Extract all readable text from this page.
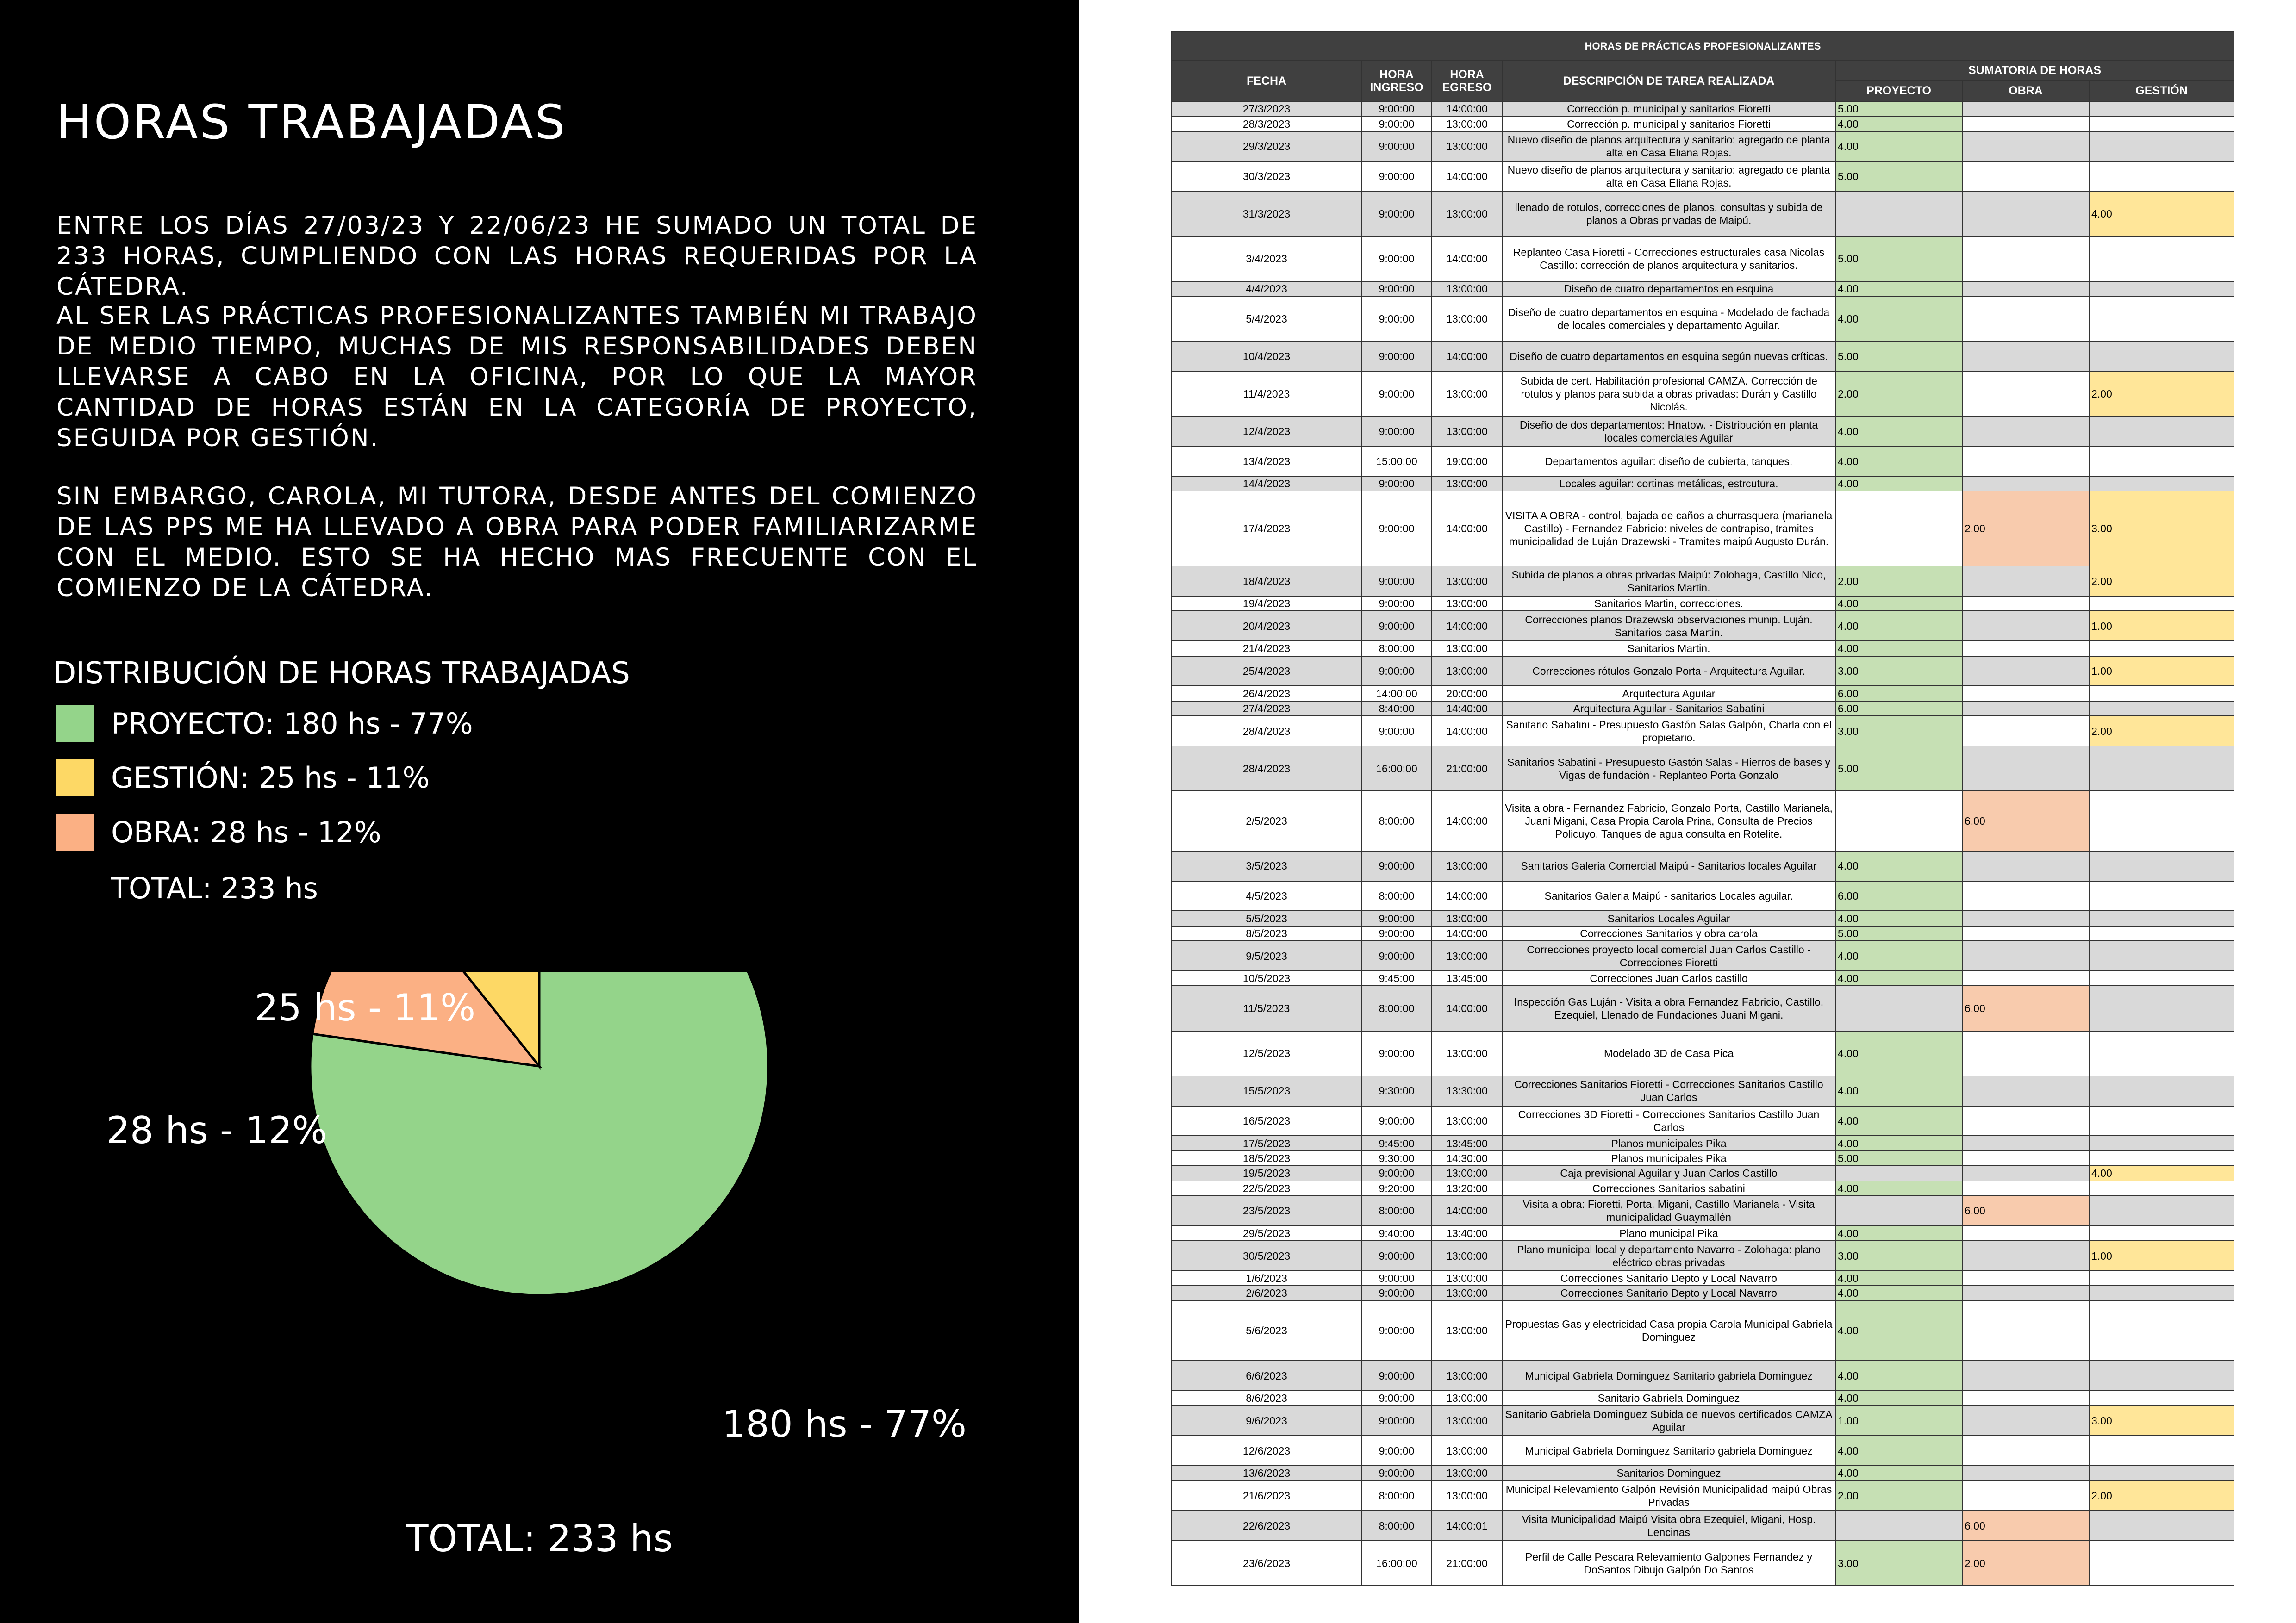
HORAS TRABAJADAS

ENTRE LOS DÍAS 27/03/23 Y 22/06/23 HE SUMADO UN TOTAL DE 233 HORAS, CUMPLIENDO CON LAS HORAS REQUERIDAS POR LA CÁTEDRA.

AL SER LAS PRÁCTICAS PROFESIONALIZANTES TAMBIÉN MI TRABAJO DE MEDIO TIEMPO, MUCHAS DE MIS RESPONSABILIDADES DEBEN LLEVARSE A CABO EN LA OFICINA, POR LO QUE LA MAYOR CANTIDAD DE HORAS ESTÁN EN LA CATEGORÍA DE PROYECTO, SEGUIDA POR GESTIÓN.

SIN EMBARGO, CAROLA, MI TUTORA, DESDE ANTES DEL COMIENZO DE LAS PPS ME HA LLEVADO A OBRA PARA PODER FAMILIARIZARME CON EL MEDIO. ESTO SE HA HECHO MAS FRECUENTE CON EL COMIENZO DE LA CÁTEDRA.

DISTRIBUCIÓN DE HORAS TRABAJADAS
PROYECTO: 180 hs - 77%
GESTIÓN: 25 hs - 11%
OBRA: 28 hs - 12%
TOTAL: 233 hs
180 hs - 77%
28 hs - 12%
25 hs - 11%
TOTAL: 233 hs
HORAS DE PRÁCTICAS PROFESIONALIZANTES						
FECHA	HORA INGRESO	HORA EGRESO	DESCRIPCIÓN DE TAREA REALIZADA	SUMATORIA DE HORAS		
				PROYECTO	OBRA	GESTIÓN
27/3/2023	9:00:00	14:00:00	Corrección p. municipal y sanitarios Fioretti	5.00		
28/3/2023	9:00:00	13:00:00	Corrección p. municipal y sanitarios Fioretti	4.00		
29/3/2023	9:00:00	13:00:00	Nuevo diseño de planos arquitectura y sanitario: agregado de planta alta en Casa Eliana Rojas.	4.00		
30/3/2023	9:00:00	14:00:00	Nuevo diseño de planos arquitectura y sanitario: agregado de planta alta en Casa Eliana Rojas.	5.00		
31/3/2023	9:00:00	13:00:00	llenado de rotulos, correcciones de planos, consultas y subida de planos a Obras privadas de Maipú.			4.00
3/4/2023	9:00:00	14:00:00	Replanteo Casa Fioretti - Correcciones estructurales casa Nicolas Castillo: corrección de planos arquitectura y sanitarios.	5.00		
4/4/2023	9:00:00	13:00:00	Diseño de cuatro departamentos en esquina	4.00		
5/4/2023	9:00:00	13:00:00	Diseño de cuatro departamentos en esquina - Modelado de fachada de locales comerciales y departamento Aguilar.	4.00		
10/4/2023	9:00:00	14:00:00	Diseño de cuatro departamentos en esquina según nuevas críticas.	5.00		
11/4/2023	9:00:00	13:00:00	Subida de cert. Habilitación profesional CAMZA. Corrección de rotulos y planos para subida a obras privadas: Durán y Castillo Nicolás.	2.00		2.00
12/4/2023	9:00:00	13:00:00	Diseño de dos departamentos: Hnatow. - Distribución en planta locales comerciales Aguilar	4.00		
13/4/2023	15:00:00	19:00:00	Departamentos aguilar: diseño de cubierta, tanques.	4.00		
14/4/2023	9:00:00	13:00:00	Locales aguilar: cortinas metálicas, estrcutura.	4.00		
17/4/2023	9:00:00	14:00:00	VISITA A OBRA - control, bajada de caños a churrasquera (marianela Castillo) - Fernandez Fabricio: niveles de contrapiso, tramites municipalidad de Luján Drazewski - Tramites maipú Augusto Durán.		2.00	3.00
18/4/2023	9:00:00	13:00:00	Subida de planos a obras privadas Maipú: Zolohaga, Castillo Nico, Sanitarios Martin.	2.00		2.00
19/4/2023	9:00:00	13:00:00	Sanitarios Martin, correcciones.	4.00		
20/4/2023	9:00:00	14:00:00	Correcciones planos Drazewski observaciones munip. Luján. Sanitarios casa Martin.	4.00		1.00
21/4/2023	8:00:00	13:00:00	Sanitarios Martin.	4.00		
25/4/2023	9:00:00	13:00:00	Correcciones rótulos Gonzalo Porta - Arquitectura Aguilar.	3.00		1.00
26/4/2023	14:00:00	20:00:00	Arquitectura Aguilar	6.00		
27/4/2023	8:40:00	14:40:00	Arquitectura Aguilar - Sanitarios Sabatini	6.00		
28/4/2023	9:00:00	14:00:00	Sanitario Sabatini - Presupuesto Gastón Salas Galpón, Charla con el propietario.	3.00		2.00
28/4/2023	16:00:00	21:00:00	Sanitarios Sabatini - Presupuesto Gastón Salas - Hierros de bases y Vigas de fundación - Replanteo Porta Gonzalo	5.00		
2/5/2023	8:00:00	14:00:00	Visita a obra - Fernandez Fabricio, Gonzalo Porta, Castillo Marianela, Juani Migani, Casa Propia Carola Prina, Consulta de Precios Policuyo, Tanques de agua consulta en Rotelite.		6.00	
3/5/2023	9:00:00	13:00:00	Sanitarios Galeria Comercial Maipú - Sanitarios locales Aguilar	4.00		
4/5/2023	8:00:00	14:00:00	Sanitarios Galeria Maipú - sanitarios Locales aguilar.	6.00		
5/5/2023	9:00:00	13:00:00	Sanitarios Locales Aguilar	4.00		
8/5/2023	9:00:00	14:00:00	Correcciones Sanitarios y obra carola	5.00		
9/5/2023	9:00:00	13:00:00	Correcciones proyecto local comercial Juan Carlos Castillo - Correcciones Fioretti	4.00		
10/5/2023	9:45:00	13:45:00	Correcciones Juan Carlos castillo	4.00		
11/5/2023	8:00:00	14:00:00	Inspección Gas Luján - Visita a obra Fernandez Fabricio, Castillo, Ezequiel, Llenado de Fundaciones Juani Migani.		6.00	
12/5/2023	9:00:00	13:00:00	Modelado 3D de Casa Pica	4.00		
15/5/2023	9:30:00	13:30:00	Correcciones Sanitarios Fioretti - Correcciones Sanitarios Castillo Juan Carlos	4.00		
16/5/2023	9:00:00	13:00:00	Correcciones 3D Fioretti - Correcciones Sanitarios Castillo Juan Carlos	4.00		
17/5/2023	9:45:00	13:45:00	Planos municipales Pika	4.00		
18/5/2023	9:30:00	14:30:00	Planos municipales Pika	5.00		
19/5/2023	9:00:00	13:00:00	Caja previsional Aguilar y Juan Carlos Castillo			4.00
22/5/2023	9:20:00	13:20:00	Correcciones Sanitarios sabatini	4.00		
23/5/2023	8:00:00	14:00:00	Visita a obra: Fioretti, Porta, Migani, Castillo Marianela - Visita municipalidad Guaymallén		6.00	
29/5/2023	9:40:00	13:40:00	Plano municipal Pika	4.00		
30/5/2023	9:00:00	13:00:00	Plano municipal local y departamento Navarro - Zolohaga: plano eléctrico obras privadas	3.00		1.00
1/6/2023	9:00:00	13:00:00	Correcciones Sanitario Depto y Local Navarro	4.00		
2/6/2023	9:00:00	13:00:00	Correcciones Sanitario Depto y Local Navarro	4.00		
5/6/2023	9:00:00	13:00:00	Propuestas Gas y electricidad Casa propia Carola Municipal Gabriela Dominguez	4.00		
6/6/2023	9:00:00	13:00:00	Municipal Gabriela Dominguez Sanitario gabriela Dominguez	4.00		
8/6/2023	9:00:00	13:00:00	Sanitario Gabriela Dominguez	4.00		
9/6/2023	9:00:00	13:00:00	Sanitario Gabriela Dominguez Subida de nuevos certificados CAMZA Aguilar	1.00		3.00
12/6/2023	9:00:00	13:00:00	Municipal Gabriela Dominguez Sanitario gabriela Dominguez	4.00		
13/6/2023	9:00:00	13:00:00	Sanitarios Dominguez	4.00		
21/6/2023	8:00:00	13:00:00	Municipal Relevamiento Galpón Revisión Municipalidad maipú Obras Privadas	2.00		2.00
22/6/2023	8:00:00	14:00:01	Visita Municipalidad Maipú Visita obra Ezequiel, Migani, Hosp. Lencinas		6.00	
23/6/2023	16:00:00	21:00:00	Perfil de Calle Pescara Relevamiento Galpones Fernandez y DoSantos Dibujo Galpón Do Santos	3.00	2.00	
